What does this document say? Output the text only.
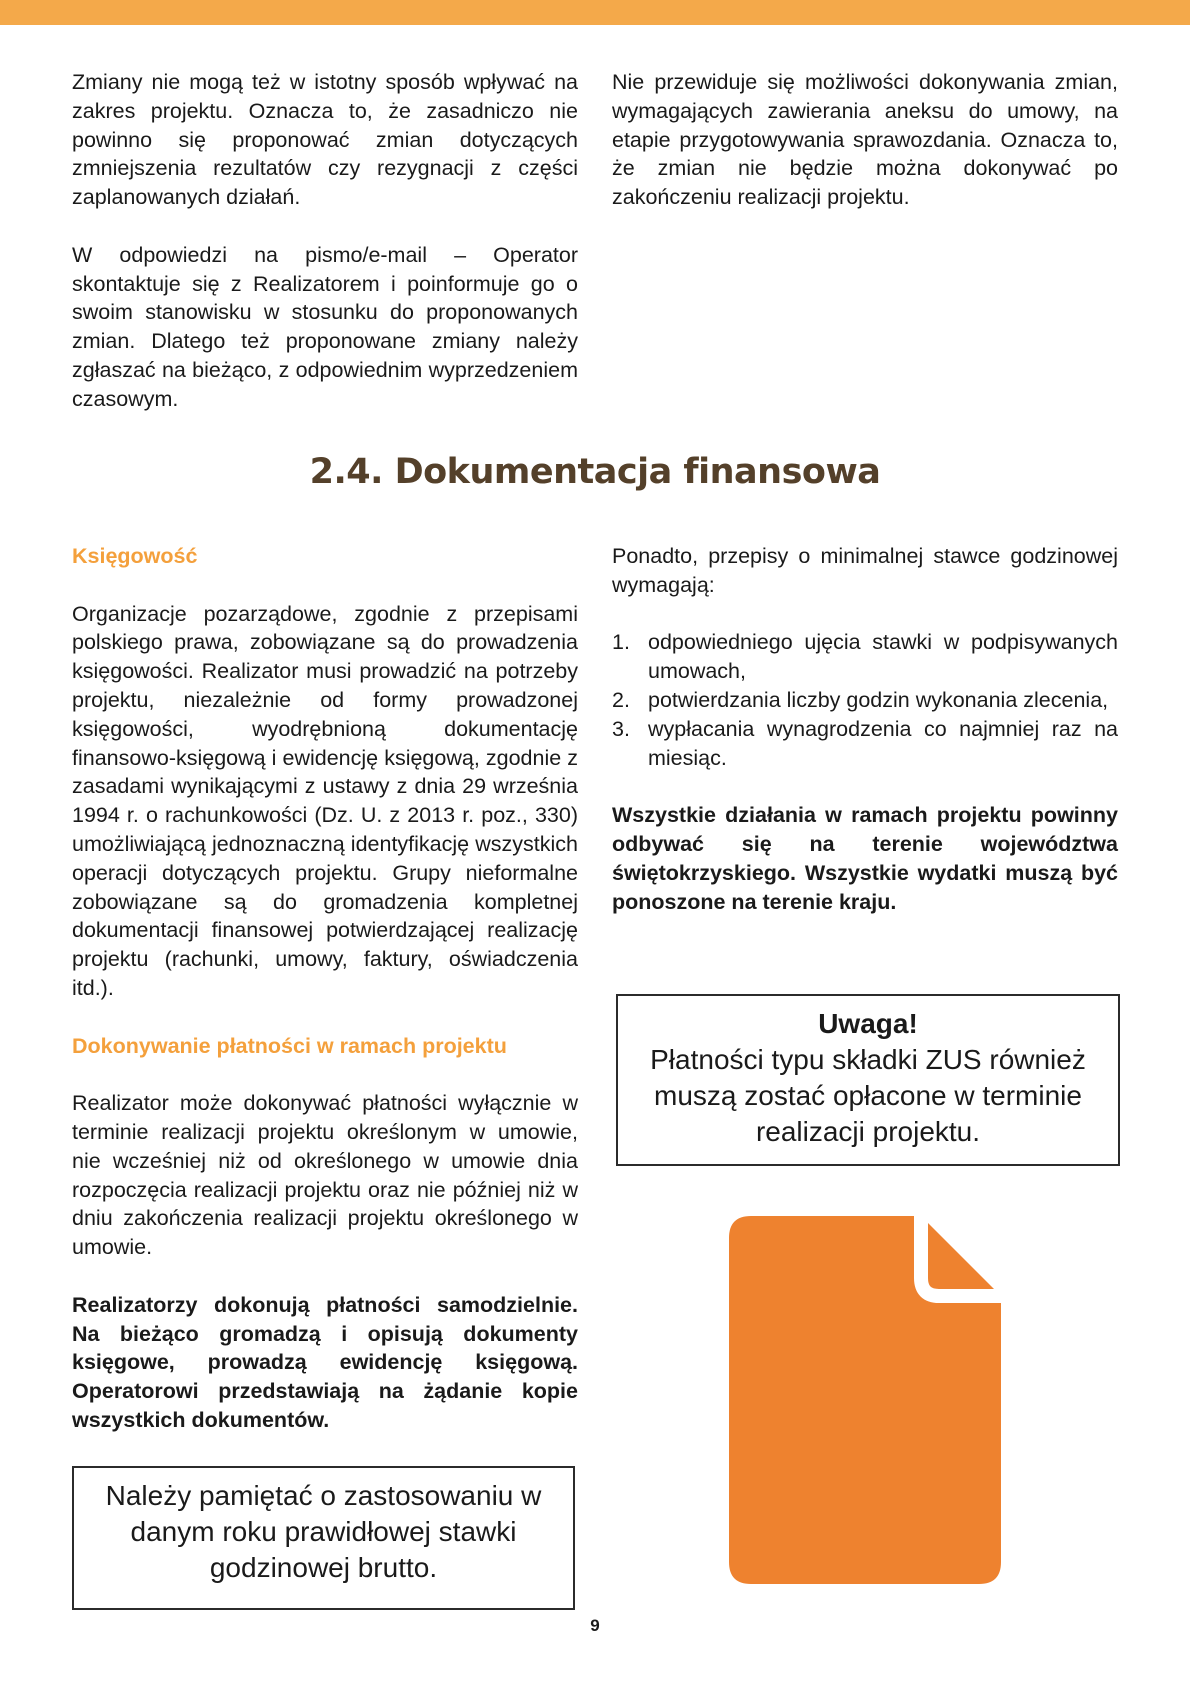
Zmiany nie mogą też w istotny sposób wpływać na zakres projektu. Oznacza to, że zasadniczo nie powinno się proponować zmian dotyczących zmniejszenia rezultatów czy rezygnacji z części zaplanowanych działań.

W odpowiedzi na pismo/e-mail – Operator skontaktuje się z Realizatorem i poinformuje go o swoim stanowisku w stosunku do proponowanych zmian. Dlatego też proponowane zmiany należy zgłaszać na bieżąco, z odpowiednim wyprzedzeniem czasowym.

Nie przewiduje się możliwości dokonywania zmian, wymagających zawierania aneksu do umowy, na etapie przygotowywania sprawozdania. Oznacza to, że zmian nie będzie można dokonywać po zakończeniu realizacji projektu.

2.4. Dokumentacja finansowa
Księgowość

Organizacje pozarządowe, zgodnie z przepisami polskiego prawa, zobowiązane są do prowadzenia księgowości. Realizator musi prowadzić na potrzeby projektu, niezależnie od formy prowadzonej księgowości, wyodrębnioną dokumentację finansowo-księgową i ewidencję księgową, zgodnie z zasadami wynikającymi z ustawy z dnia 29 września 1994 r. o rachunkowości (Dz. U. z 2013 r. poz., 330) umożliwiającą jednoznaczną identyfikację wszystkich operacji dotyczących projektu. Grupy nieformalne zobowiązane są do gromadzenia kompletnej dokumentacji finansowej potwierdzającej realizację projektu (rachunki, umowy, faktury, oświadczenia itd.).

Dokonywanie płatności w ramach projektu

Realizator może dokonywać płatności wyłącznie w terminie realizacji projektu określonym w umowie, nie wcześniej niż od określonego w umowie dnia rozpoczęcia realizacji projektu oraz nie później niż w dniu zakończenia realizacji projektu określonego w umowie.

Realizatorzy dokonują płatności samodzielnie. Na bieżąco gromadzą i opisują dokumenty księgowe, prowadzą ewidencję księgową. Operatorowi przedstawiają na żądanie kopie wszystkich dokumentów.

Należy pamiętać o zastosowaniu w danym roku prawidłowej stawki godzinowej brutto.

Ponadto, przepisy o minimalnej stawce godzinowej wymagają:

1. odpowiedniego ujęcia stawki w podpisywanych umowach,
2. potwierdzania liczby godzin wykonania zlecenia,
3. wypłacania wynagrodzenia co najmniej raz na miesiąc.

Wszystkie działania w ramach projektu powinny odbywać się na terenie województwa świętokrzyskiego. Wszystkie wydatki muszą być ponoszone na terenie kraju.

Uwaga!
Płatności typu składki ZUS również muszą zostać opłacone w terminie realizacji projektu.
9
